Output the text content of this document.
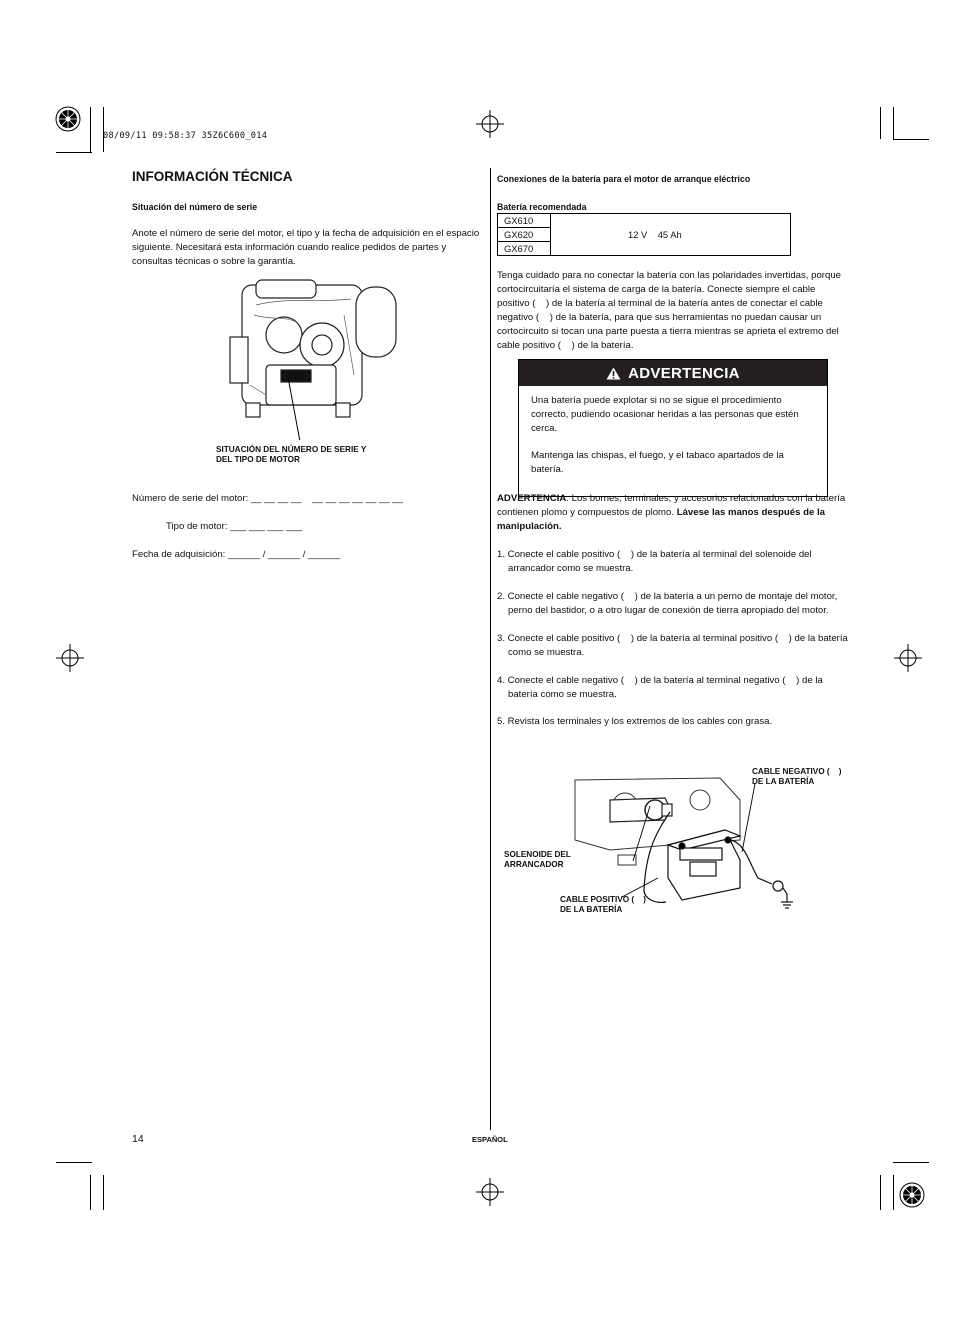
08/09/11 09:58:37 35Z6C600_014
INFORMACIÓN TÉCNICA
Situación del número de serie
Anote el número de serie del motor, el tipo y la fecha de adquisición en el espacio siguiente. Necesitará esta información cuando realice pedidos de partes y consultas técnicas o sobre la garantía.
SITUACIÓN DEL NÚMERO DE SERIE Y
DEL TIPO DE MOTOR
Número de serie del motor: __ __ __ __    __ __ __ __ __ __ __
Tipo de motor: ___ ___ ___ ___
Fecha de adquisición: ______ / ______ / ______
Conexiones de la batería para el motor de arranque eléctrico
Batería recomendada
GX610	12 V    45 Ah
GX620
GX670
Tenga cuidado para no conectar la batería con las polaridades invertidas, porque cortocircuitaría el sistema de carga de la batería. Conecte siempre el cable positivo (    ) de la batería al terminal de la batería antes de conectar el cable negativo (    ) de la batería, para que sus herramientas no puedan causar un cortocircuito si tocan una parte puesta a tierra mientras se aprieta el extremo del cable positivo (    ) de la batería.
ADVERTENCIA

Una batería puede explotar si no se sigue el procedimiento correcto, pudiendo ocasionar heridas a las personas que estén cerca.

Mantenga las chispas, el fuego, y el tabaco apartados de la batería.

ADVERTENCIA: Los bornes, terminales, y accesorios relacionados con la batería contienen plomo y compuestos de plomo. Lávese las manos después de la manipulación.
1. Conecte el cable positivo (    ) de la batería al terminal del solenoide del arrancador como se muestra.
2. Conecte el cable negativo (    ) de la batería a un perno de montaje del motor, perno del bastidor, o a otro lugar de conexión de tierra apropiado del motor.
3. Conecte el cable positivo (    ) de la batería al terminal positivo (    ) de la batería como se muestra.
4. Conecte el cable negativo (    ) de la batería al terminal negativo (    ) de la batería como se muestra.
5. Revista los terminales y los extremos de los cables con grasa.
CABLE NEGATIVO (    )
DE LA BATERÍA
SOLENOIDE DEL
ARRANCADOR
CABLE POSITIVO (    )
DE LA BATERÍA
14	ESPAÑOL
